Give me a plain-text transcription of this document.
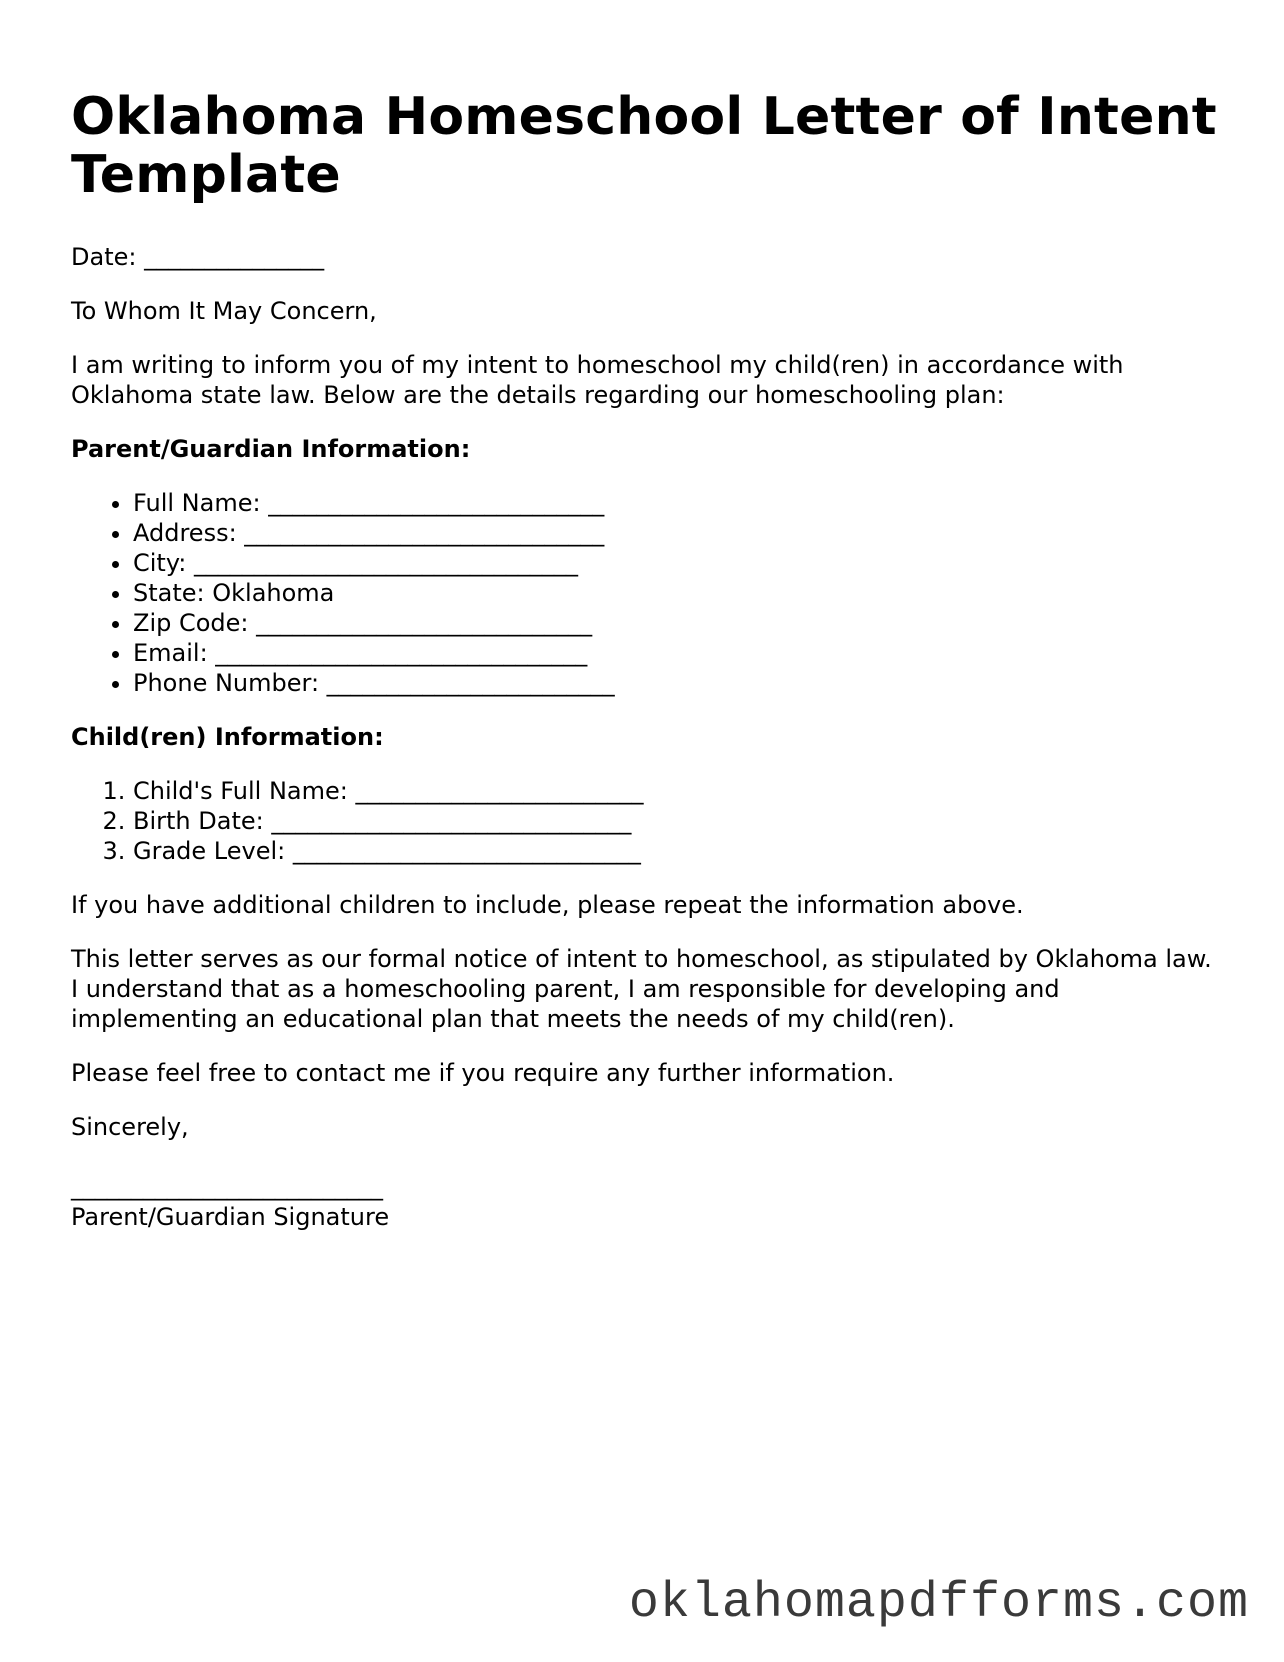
Oklahoma Homeschool Letter of Intent Template

Date: _______________

To Whom It May Concern,

I am writing to inform you of my intent to homeschool my child(ren) in accordance with Oklahoma state law. Below are the details regarding our homeschooling plan:

Parent/Guardian Information:

• Full Name: ____________________________
• Address: ______________________________
• City: ________________________________
• State: Oklahoma
• Zip Code: ____________________________
• Email: _______________________________
• Phone Number: ________________________

Child(ren) Information:

1. Child's Full Name: ________________________
2. Birth Date: ______________________________
3. Grade Level: _____________________________

If you have additional children to include, please repeat the information above.

This letter serves as our formal notice of intent to homeschool, as stipulated by Oklahoma law. I understand that as a homeschooling parent, I am responsible for developing and implementing an educational plan that meets the needs of my child(ren).

Please feel free to contact me if you require any further information.

Sincerely,

__________________________
Parent/Guardian Signature
oklahomapdfforms.com
